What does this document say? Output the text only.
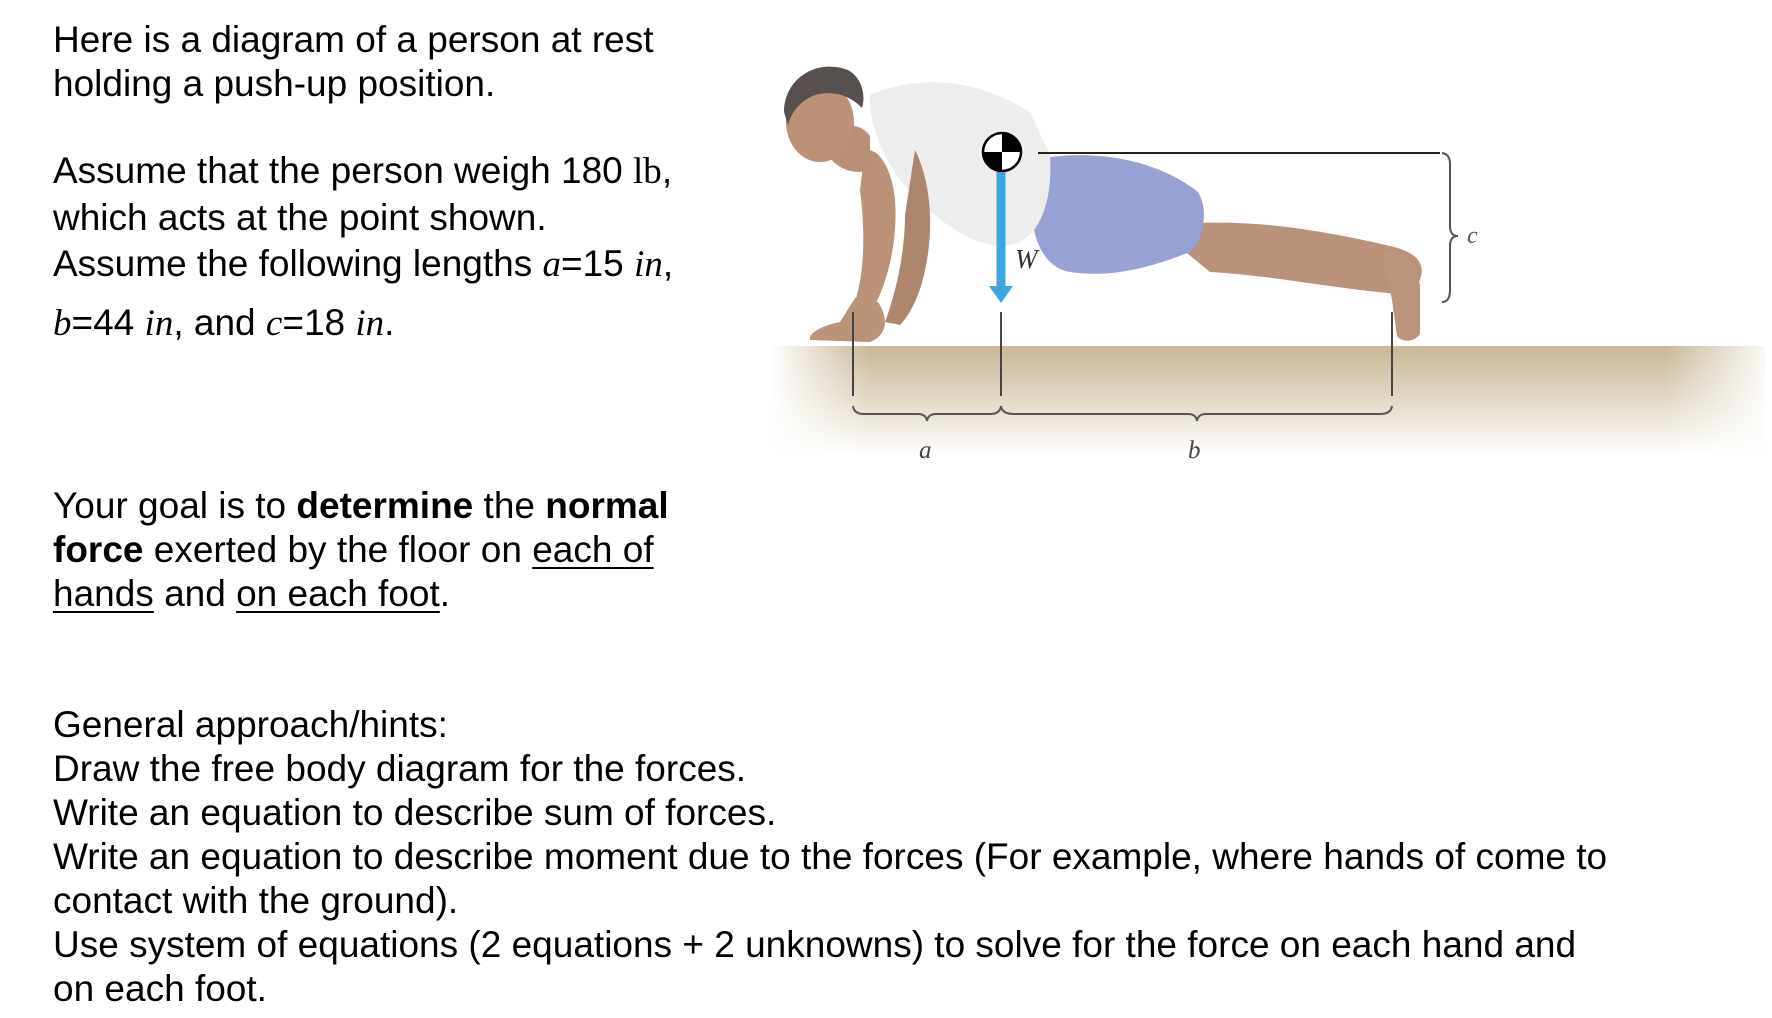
Here is a diagram of a person at rest
holding a push-up position.

Assume that the person weigh 180 lb,
which acts at the point shown.
Assume the following lengths a=15 in,
b=44 in, and c=18 in.

Your goal is to determine the normal
force exerted by the floor on each of
hands and on each foot.

General approach/hints:
Draw the free body diagram for the forces.
Write an equation to describe sum of forces.
Write an equation to describe moment due to the forces (For example, where hands of come to
contact with the ground).
Use system of equations (2 equations + 2 unknowns) to solve for the force on each hand and
on each foot.

W
c
a	b
